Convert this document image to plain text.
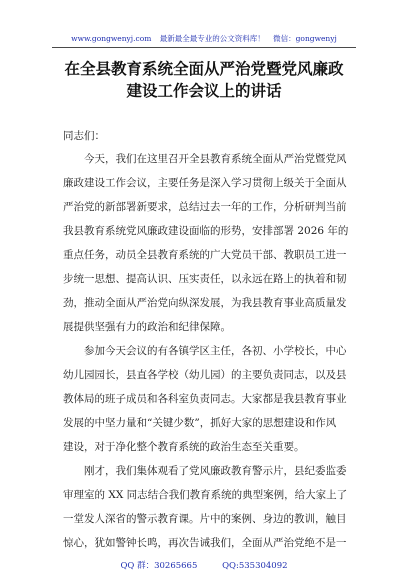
www.gongwenyj.com 最新最全最专业的公文资料库！ 微信：gongwenyj
在全县教育系统全面从严治党暨党风廉政
建设工作会议上的讲话
同志们：
今天，我们在这里召开全县教育系统全面从严治党暨党风
廉政建设工作会议，主要任务是深入学习贯彻上级关于全面从
严治党的新部署新要求，总结过去一年的工作，分析研判当前
我县教育系统党风廉政建设面临的形势，安排部署 2026 年的
重点任务，动员全县教育系统的广大党员干部、教职员工进一
步统一思想、提高认识、压实责任，以永远在路上的执着和韧
劲，推动全面从严治党向纵深发展，为我县教育事业高质量发
展提供坚强有力的政治和纪律保障。
参加今天会议的有各镇学区主任，各初、小学校长，中心
幼儿园园长，县直各学校（幼儿园）的主要负责同志，以及县
教体局的班子成员和各科室负责同志。大家都是我县教育事业
发展的中坚力量和“关键少数”，抓好大家的思想建设和作风
建设，对于净化整个教育系统的政治生态至关重要。
刚才，我们集体观看了党风廉政教育警示片，县纪委监委
审理室的 XX 同志结合我们教育系统的典型案例，给大家上了
一堂发人深省的警示教育课。片中的案例、身边的教训，触目
惊心，犹如警钟长鸣，再次告诫我们，全面从严治党绝不是一
QQ 群：30265665	QQ:535304092
